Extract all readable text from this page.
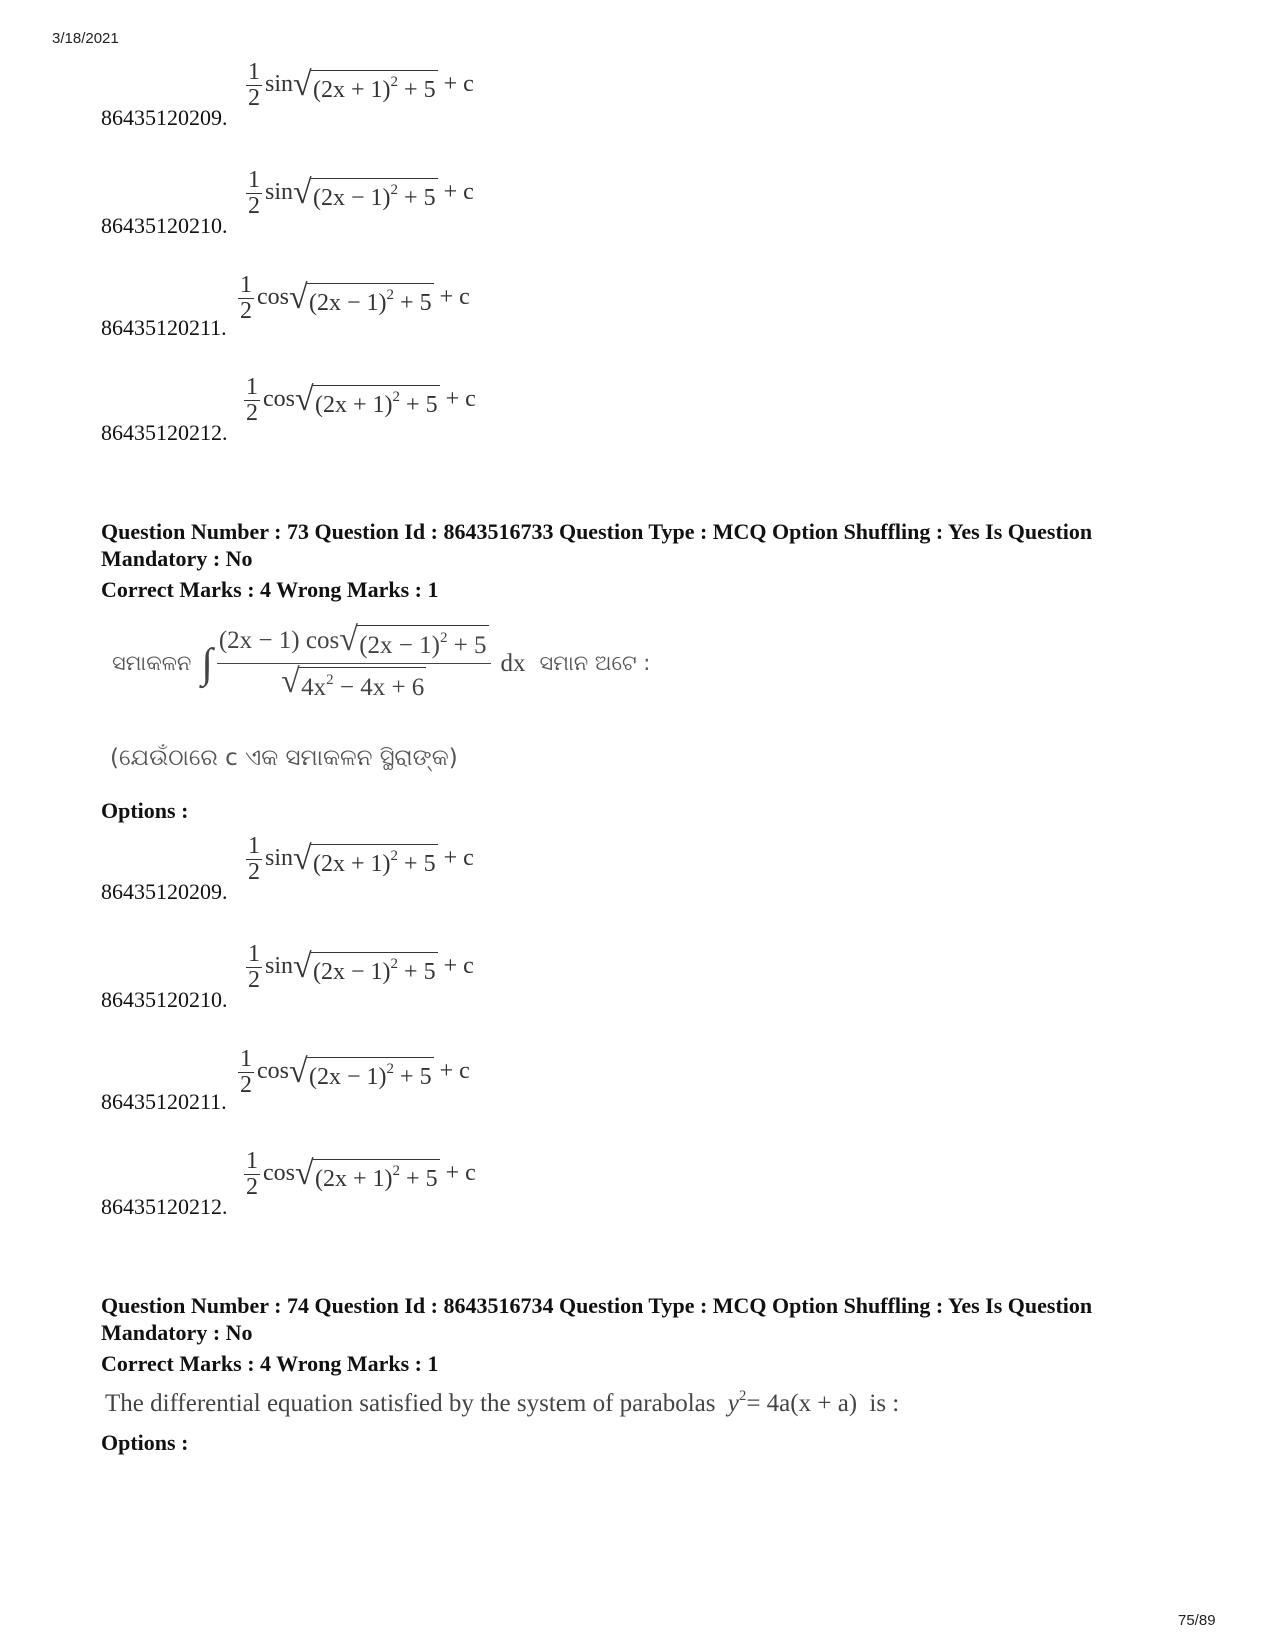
3/18/2021
75/89
86435120209.
$\frac{1}{2}$ sin √ $(2x + 1)^2 + 5 + c$
86435120210.
$\frac{1}{2}$ sin √ $(2x - 1)^2 + 5 + c$
86435120211.
$\frac{1}{2}$ cos √ $(2x - 1)^2 + 5 + c$
86435120212.
$\frac{1}{2}$ cos √ $(2x + 1)^2 + 5 + c$
Question Number : 73 Question Id : 8643516733 Question Type : MCQ Option Shuffling : Yes Is Question Mandatory : No
Correct Marks : 4 Wrong Marks : 1
ସମାକଳନ ∫ $\frac{(2x - 1) \cos √ (2x - 1)^2 + 5}{√ 4x^2 - 4x + 6}$ dx ସମାନ ଅଟେ :
(ଯେଉଁଠାରେ c ଏକ ସମାକଳନ ସ୍ଥିରାଙ୍କ)
Options :
86435120209.
$\frac{1}{2}$ sin √ $(2x + 1)^2 + 5 + c$
86435120210.
$\frac{1}{2}$ sin √ $(2x - 1)^2 + 5 + c$
86435120211.
$\frac{1}{2}$ cos √ $(2x - 1)^2 + 5 + c$
86435120212.
$\frac{1}{2}$ cos √ $(2x + 1)^2 + 5 + c$
Question Number : 74 Question Id : 8643516734 Question Type : MCQ Option Shuffling : Yes Is Question Mandatory : No
Correct Marks : 4 Wrong Marks : 1
The differential equation satisfied by the system of parabolas $y^2= 4a(x + a)$ is :
Options :
